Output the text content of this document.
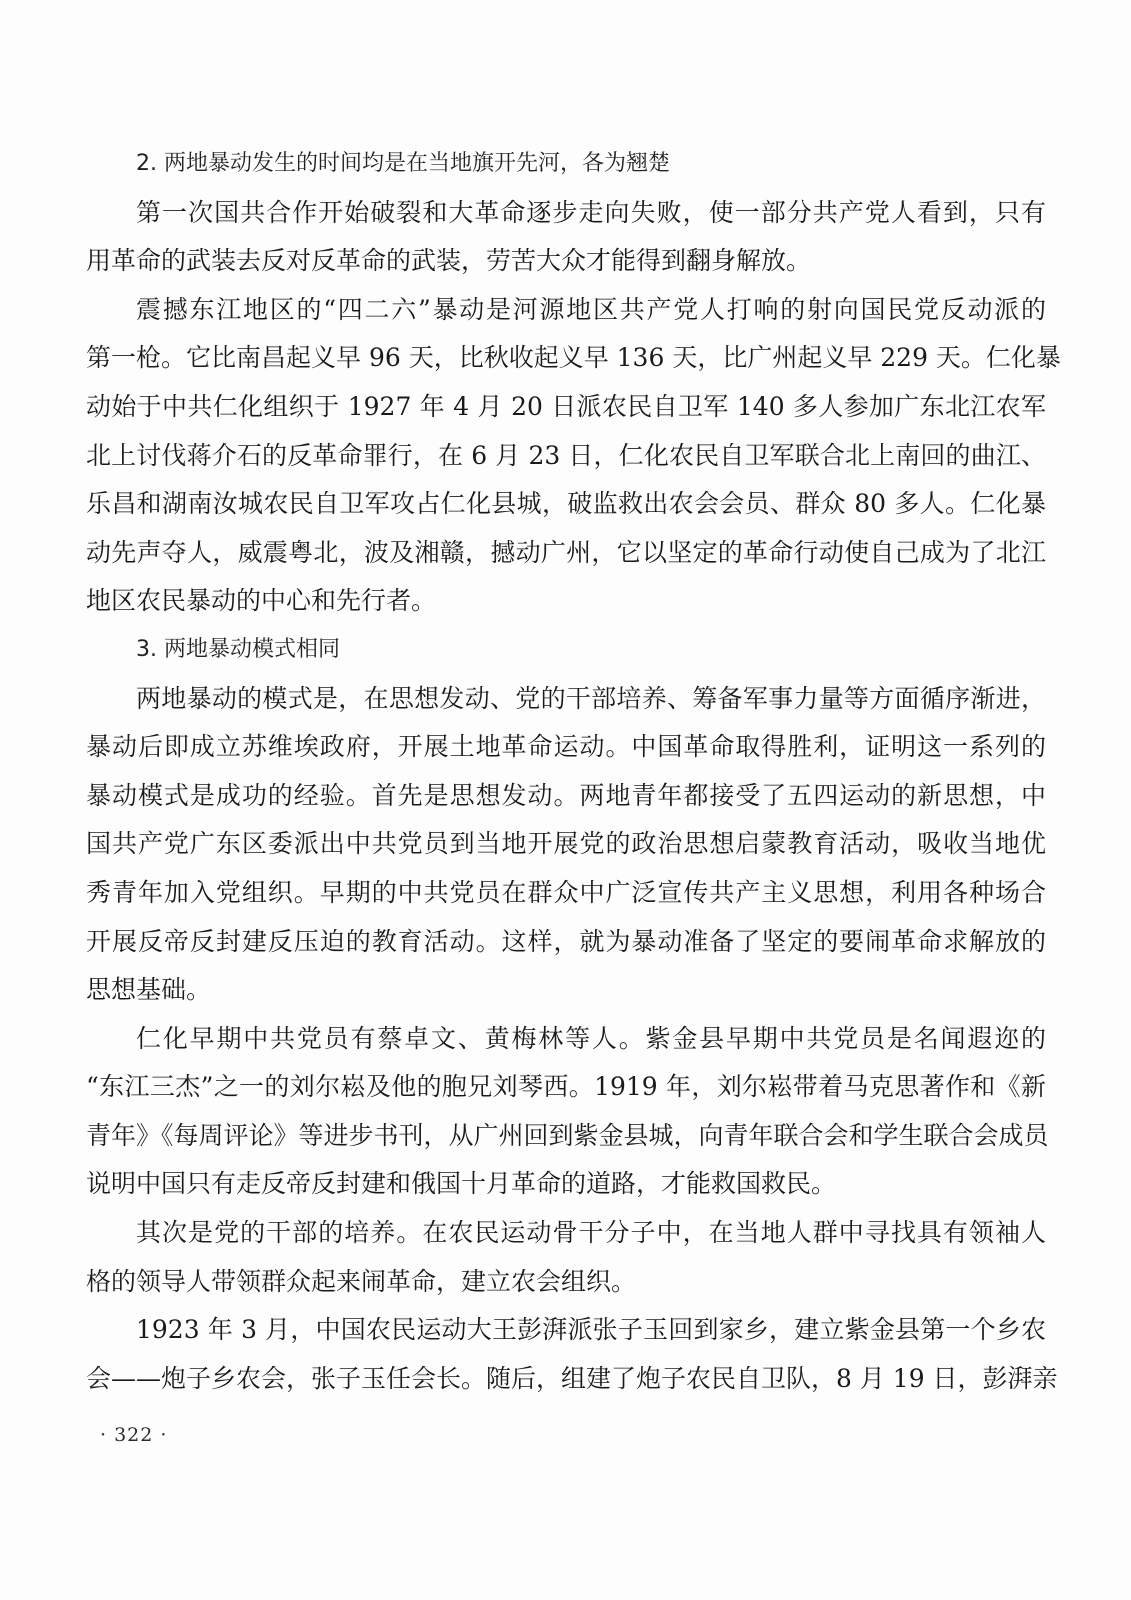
2. 两地暴动发生的时间均是在当地旗开先河，各为翘楚
第一次国共合作开始破裂和大革命逐步走向失败，使一部分共产党人看到，只有
用革命的武装去反对反革命的武装，劳苦大众才能得到翻身解放。
震撼东江地区的“四二六”暴动是河源地区共产党人打响的射向国民党反动派的
第一枪。它比南昌起义早 96 天，比秋收起义早 136 天，比广州起义早 229 天。仁化暴
动始于中共仁化组织于 1927 年 4 月 20 日派农民自卫军 140 多人参加广东北江农军
北上讨伐蒋介石的反革命罪行，在 6 月 23 日，仁化农民自卫军联合北上南回的曲江、
乐昌和湖南汝城农民自卫军攻占仁化县城，破监救出农会会员、群众 80 多人。仁化暴
动先声夺人，威震粤北，波及湘赣，撼动广州，它以坚定的革命行动使自己成为了北江
地区农民暴动的中心和先行者。
3. 两地暴动模式相同
两地暴动的模式是，在思想发动、党的干部培养、筹备军事力量等方面循序渐进，
暴动后即成立苏维埃政府，开展土地革命运动。中国革命取得胜利，证明这一系列的
暴动模式是成功的经验。首先是思想发动。两地青年都接受了五四运动的新思想，中
国共产党广东区委派出中共党员到当地开展党的政治思想启蒙教育活动，吸收当地优
秀青年加入党组织。早期的中共党员在群众中广泛宣传共产主义思想，利用各种场合
开展反帝反封建反压迫的教育活动。这样，就为暴动准备了坚定的要闹革命求解放的
思想基础。
仁化早期中共党员有蔡卓文、黄梅林等人。紫金县早期中共党员是名闻遐迩的
“东江三杰”之一的刘尔崧及他的胞兄刘琴西。1919 年，刘尔崧带着马克思著作和《新
青年》《每周评论》等进步书刊，从广州回到紫金县城，向青年联合会和学生联合会成员
说明中国只有走反帝反封建和俄国十月革命的道路，才能救国救民。
其次是党的干部的培养。在农民运动骨干分子中，在当地人群中寻找具有领袖人
格的领导人带领群众起来闹革命，建立农会组织。
1923 年 3 月，中国农民运动大王彭湃派张子玉回到家乡，建立紫金县第一个乡农
会——炮子乡农会，张子玉任会长。随后，组建了炮子农民自卫队，8 月 19 日，彭湃亲
· 322 ·
